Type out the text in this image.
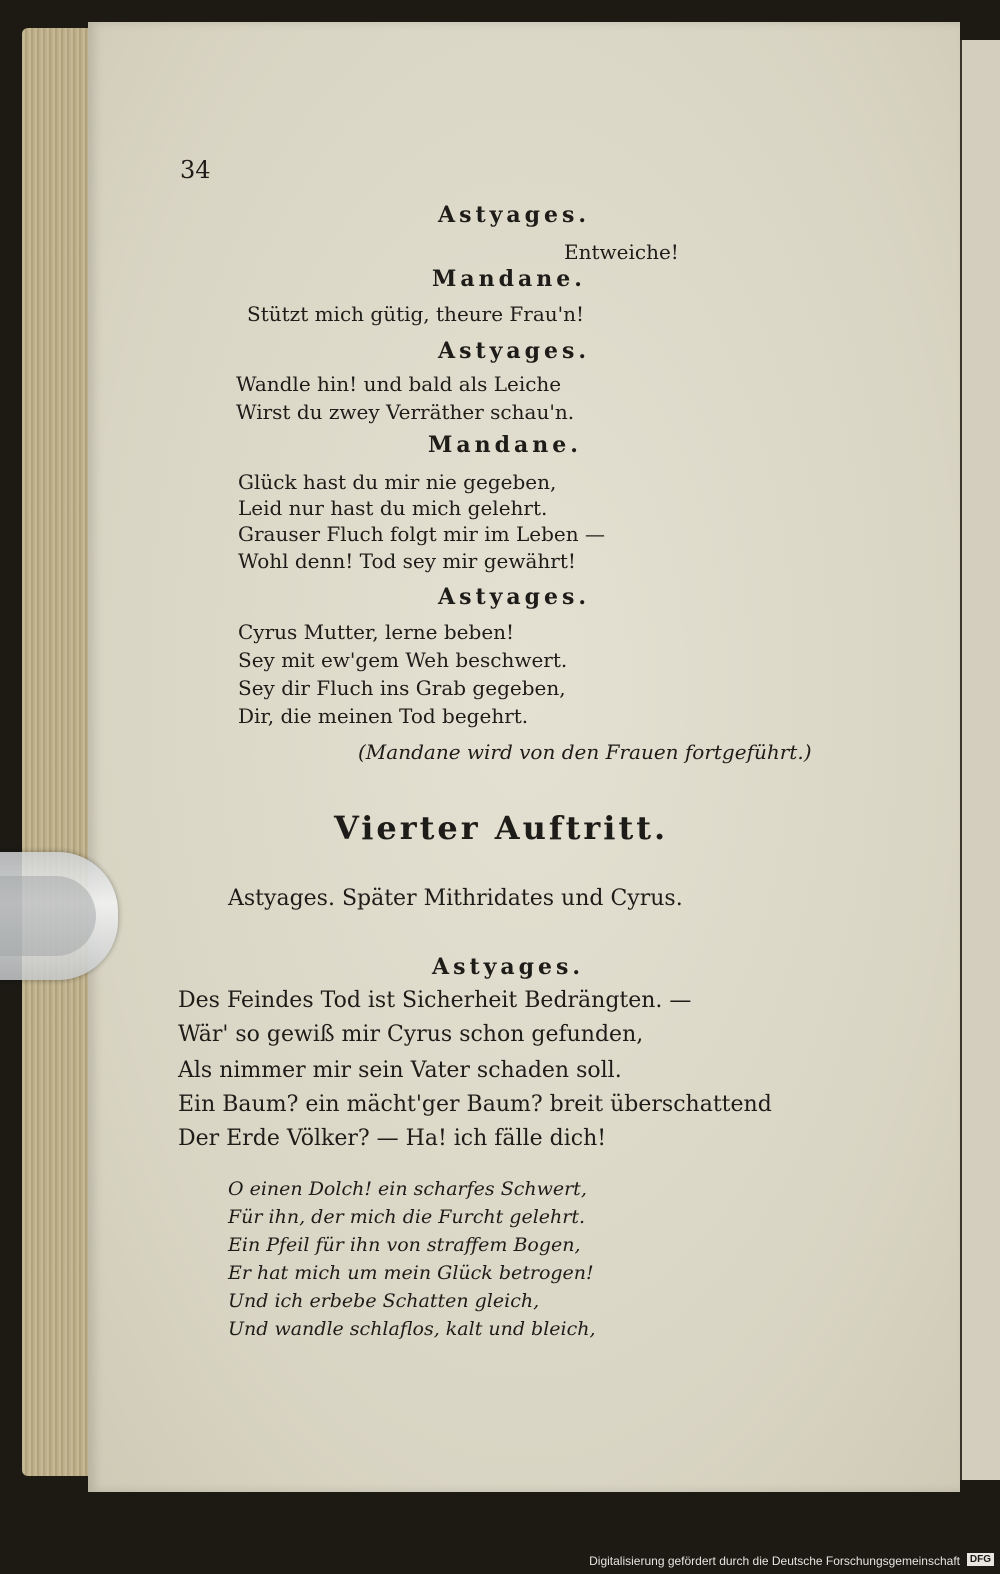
34
Astyages.
Entweiche!
Mandane.
Stützt mich gütig, theure Frau'n!
Astyages.
Wandle hin! und bald als Leiche
Wirst du zwey Verräther schau'n.
Mandane.
Glück hast du mir nie gegeben,
Leid nur hast du mich gelehrt.
Grauser Fluch folgt mir im Leben —
Wohl denn! Tod sey mir gewährt!
Astyages.
Cyrus Mutter, lerne beben!
Sey mit ew'gem Weh beschwert.
Sey dir Fluch ins Grab gegeben,
Dir, die meinen Tod begehrt.
(Mandane wird von den Frauen fortgeführt.)
Vierter Auftritt.
Astyages. Später Mithridates und Cyrus.
Astyages.
Des Feindes Tod ist Sicherheit Bedrängten. —
Wär' so gewiß mir Cyrus schon gefunden,
Als nimmer mir sein Vater schaden soll.
Ein Baum? ein mächt'ger Baum? breit überschattend
Der Erde Völker? — Ha! ich fälle dich!
O einen Dolch! ein scharfes Schwert,
Für ihn, der mich die Furcht gelehrt.
Ein Pfeil für ihn von straffem Bogen,
Er hat mich um mein Glück betrogen!
Und ich erbebe Schatten gleich,
Und wandle schlaflos, kalt und bleich,
Digitalisierung gefördert durch die Deutsche Forschungsgemeinschaft DFG
